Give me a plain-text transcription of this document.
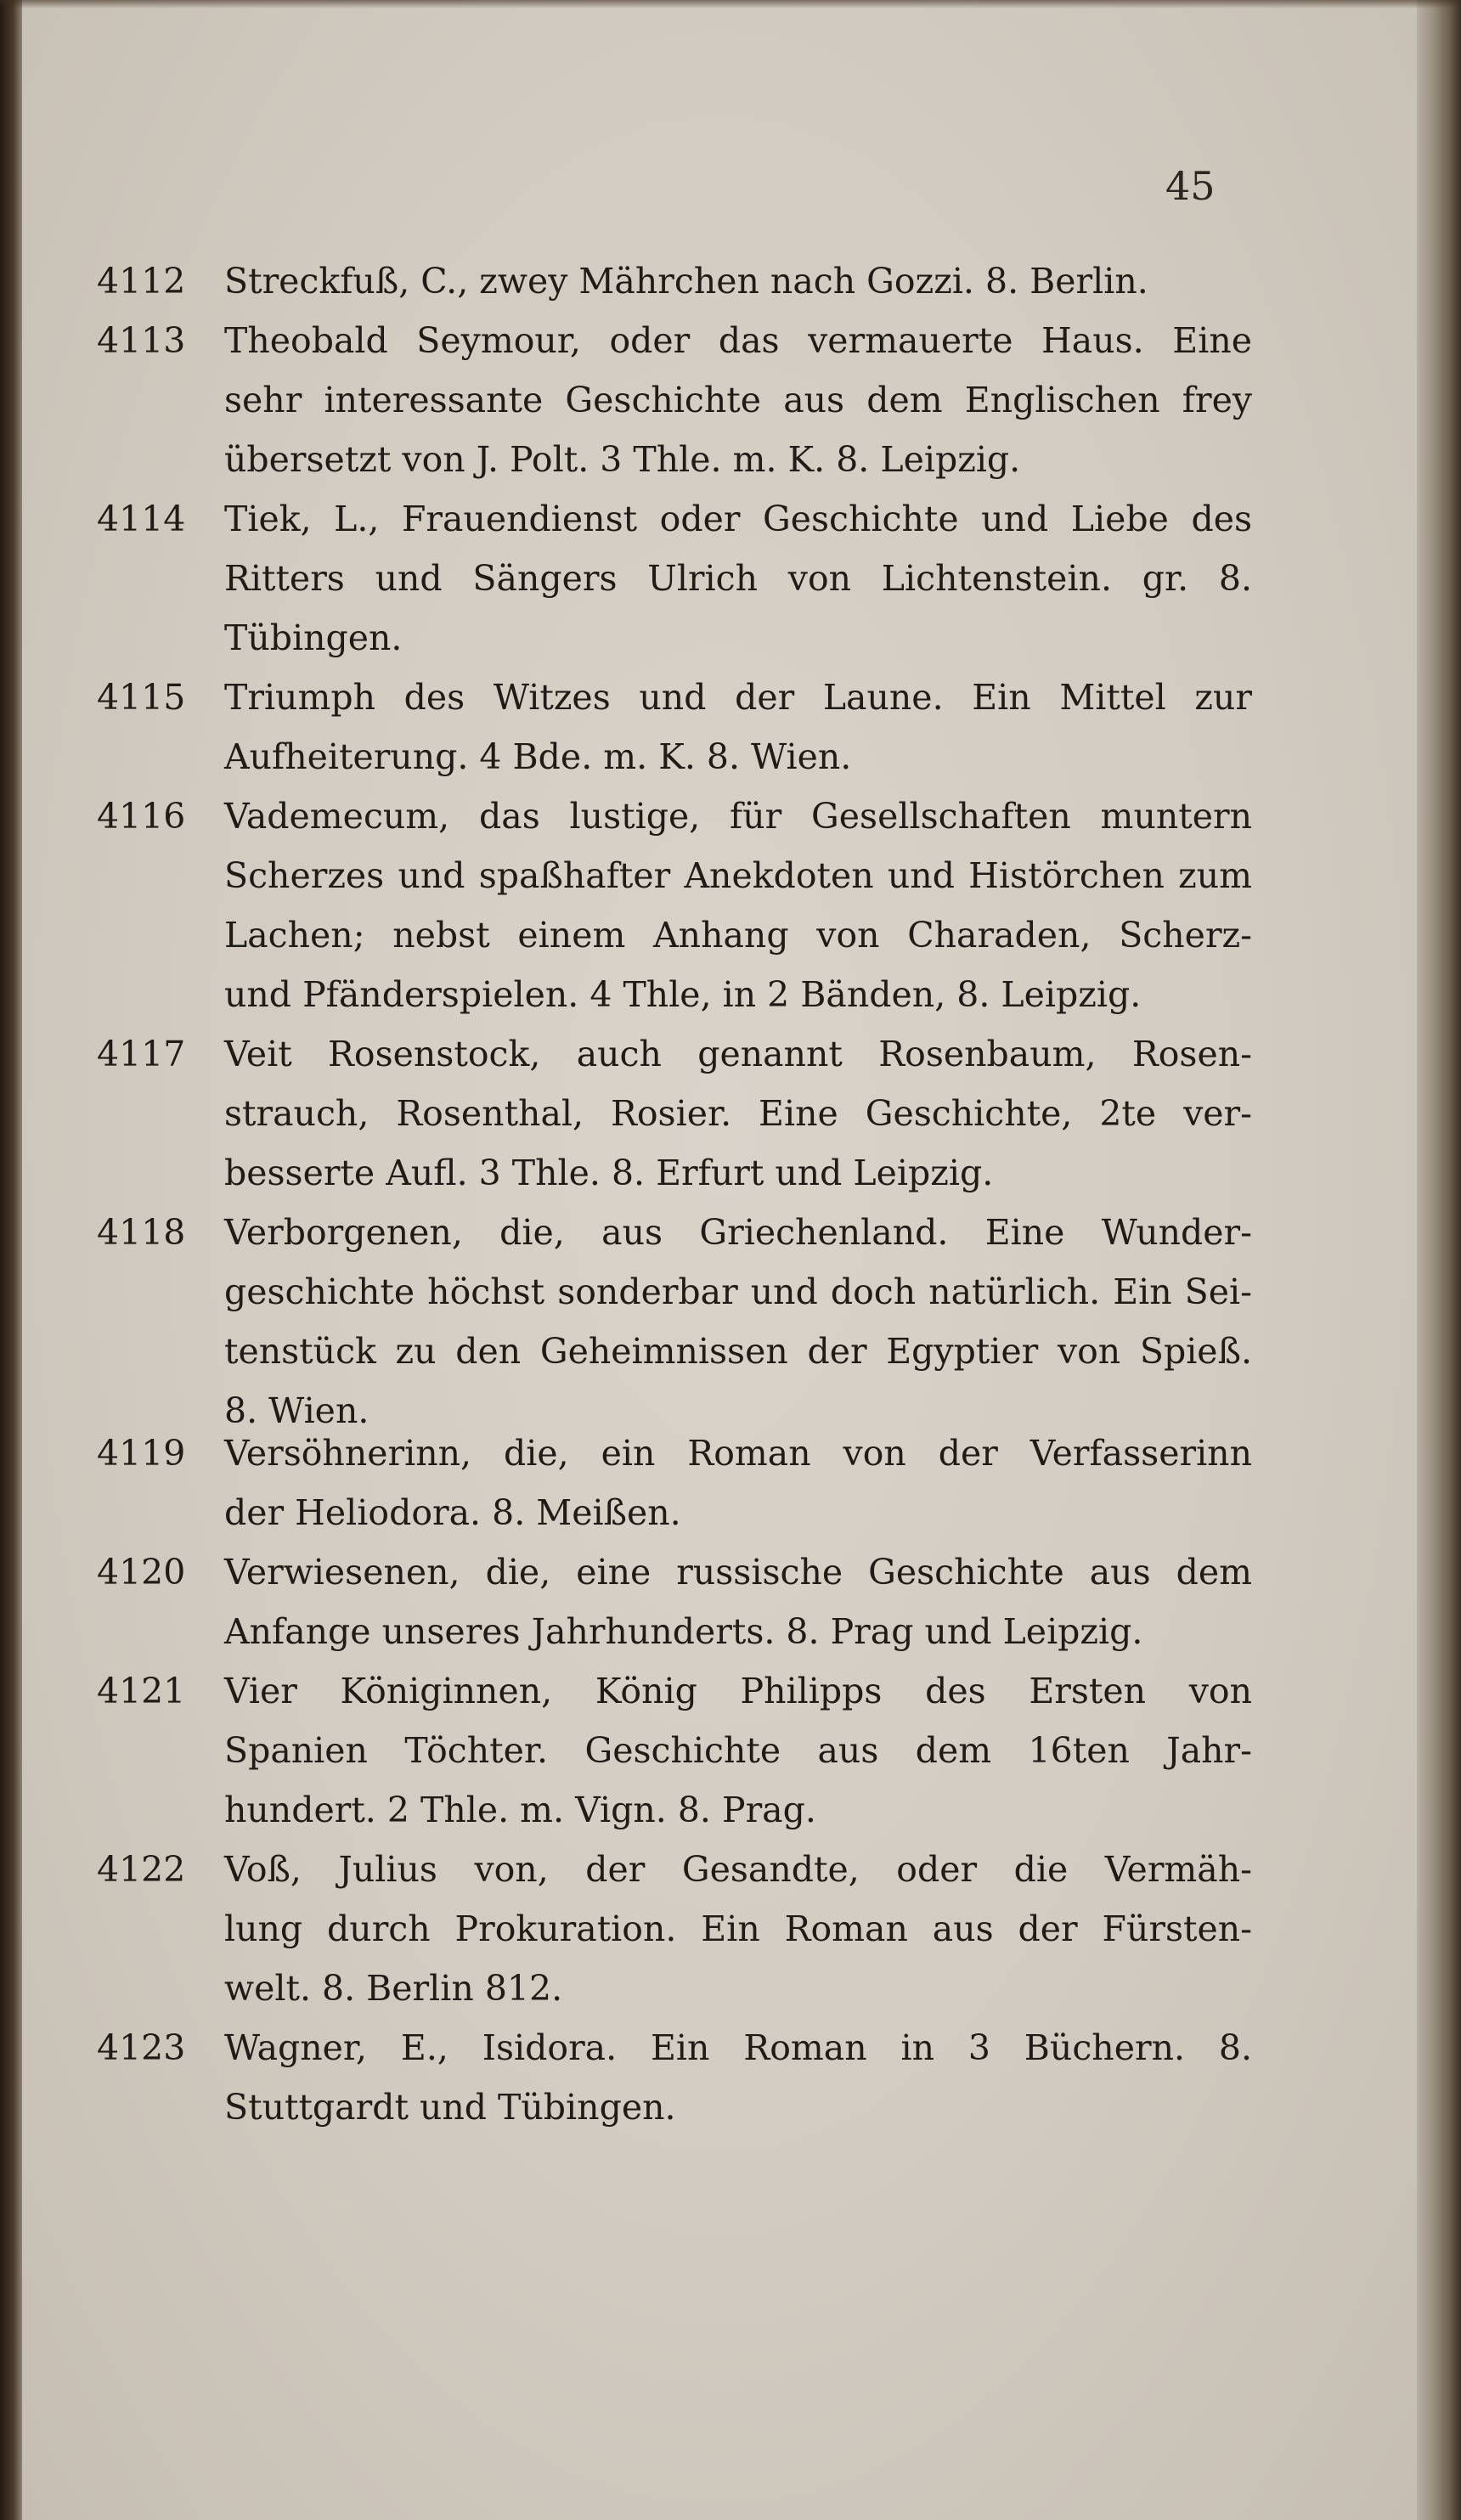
45
4112	Streckfuß, C., zwey Mährchen nach Gozzi. 8. Berlin.
4113	Theobald Seymour, oder das vermauerte Haus. Eine
sehr interessante Geschichte aus dem Englischen frey
übersetzt von J. Polt. 3 Thle. m. K. 8. Leipzig.
4114	Tiek, L., Frauendienst oder Geschichte und Liebe des
Ritters und Sängers Ulrich von Lichtenstein. gr. 8.
Tübingen.
4115	Triumph des Witzes und der Laune. Ein Mittel zur
Aufheiterung. 4 Bde. m. K. 8. Wien.
4116	Vademecum, das lustige, für Gesellschaften muntern
Scherzes und spaßhafter Anekdoten und Histörchen zum
Lachen; nebst einem Anhang von Charaden, Scherz-
und Pfänderspielen. 4 Thle, in 2 Bänden, 8. Leipzig.
4117	Veit Rosenstock, auch genannt Rosenbaum, Rosen-
strauch, Rosenthal, Rosier. Eine Geschichte, 2te ver-
besserte Aufl. 3 Thle. 8. Erfurt und Leipzig.
4118	Verborgenen, die, aus Griechenland. Eine Wunder-
geschichte höchst sonderbar und doch natürlich. Ein Sei-
tenstück zu den Geheimnissen der Egyptier von Spieß.
8. Wien.
4119	Versöhnerinn, die, ein Roman von der Verfasserinn
der Heliodora. 8. Meißen.
4120	Verwiesenen, die, eine russische Geschichte aus dem
Anfange unseres Jahrhunderts. 8. Prag und Leipzig.
4121	Vier Königinnen, König Philipps des Ersten von
Spanien Töchter. Geschichte aus dem 16ten Jahr-
hundert. 2 Thle. m. Vign. 8. Prag.
4122	Voß, Julius von, der Gesandte, oder die Vermäh-
lung durch Prokuration. Ein Roman aus der Fürsten-
welt. 8. Berlin 812.
4123	Wagner, E., Isidora. Ein Roman in 3 Büchern. 8.
Stuttgardt und Tübingen.
